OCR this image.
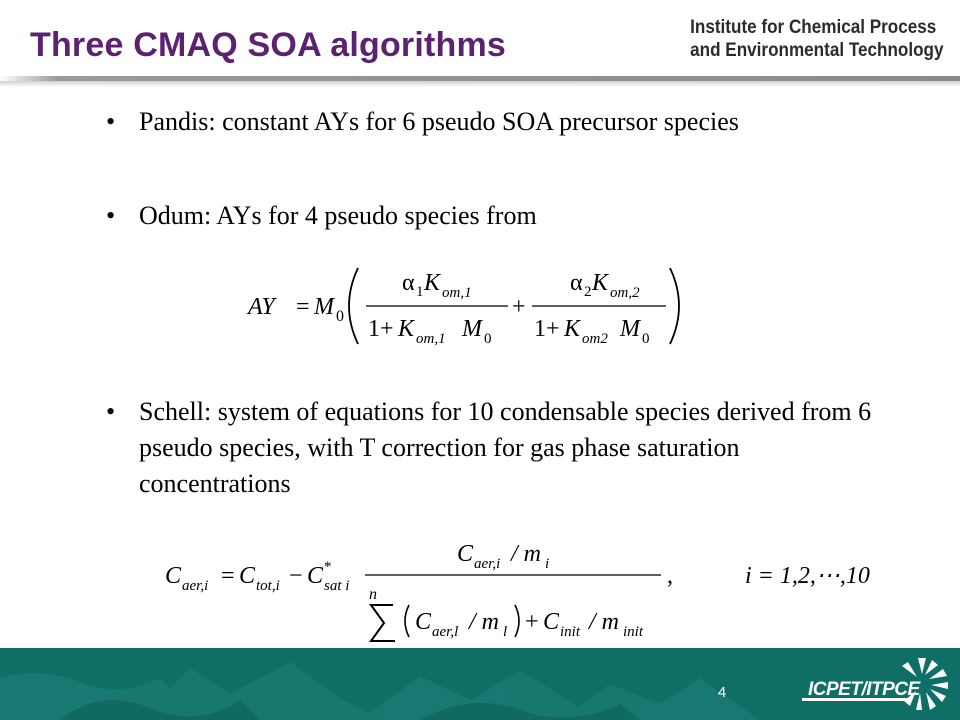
Three CMAQ SOA algorithms	Institute for Chemical Process
and Environmental Technology
• Pandis: constant AYs for 6 pseudo SOA precursor species
• Odum: AYs for 4 pseudo species from
• Schell: system of equations for 10 condensable species derived from 6 pseudo species, with T correction for gas phase saturation concentrations
AY = M 0
α 1 K om,1
1+ K om,1 M 0
+
α 2 K om,2
1+ K om2 M 0
C aer,i = C tot,i − C *
sat i
C aer,i / m i	,
n
C aer,l / m l + C init / m init
i = 1,2,⋯,10
4	ICPET/ITPCE
